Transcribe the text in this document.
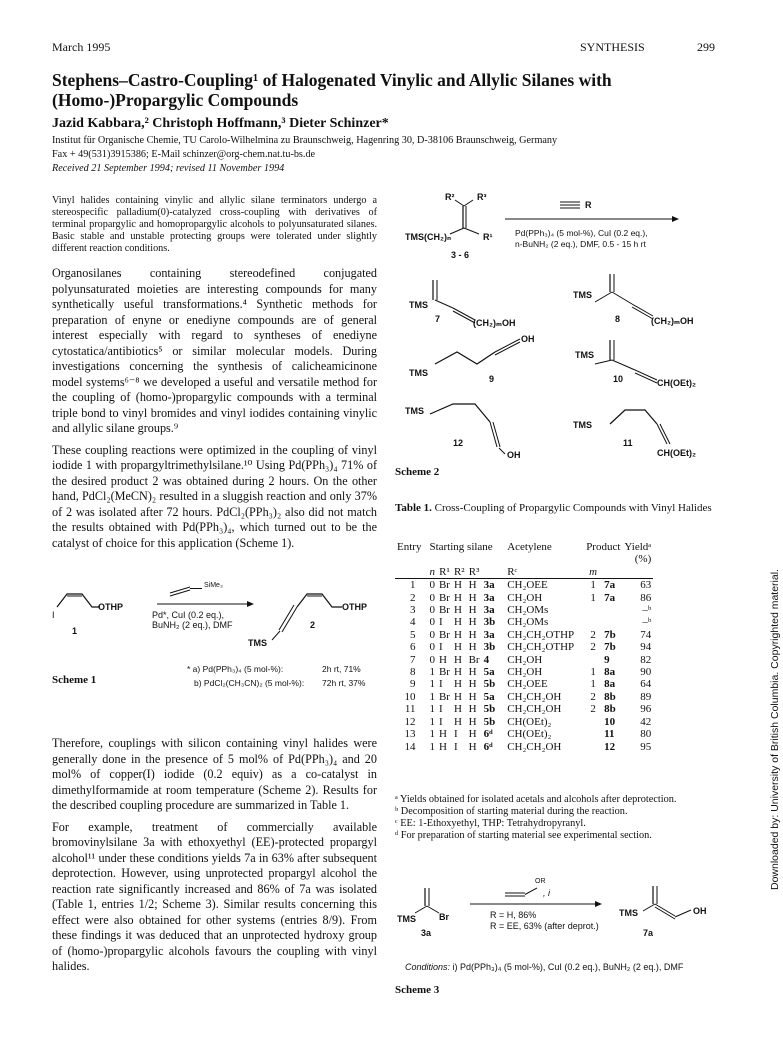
March 1995	SYNTHESIS	299
Stephens–Castro-Coupling¹ of Halogenated Vinylic and Allylic Silanes with (Homo-)Propargylic Compounds
Jazid Kabbara,² Christoph Hoffmann,³ Dieter Schinzer*
Institut für Organische Chemie, TU Carolo-Wilhelmina zu Braunschweig, Hagenring 30, D-38106 Braunschweig, Germany
Fax + 49(531)3915386; E-Mail schinzer@org-chem.nat.tu-bs.de
Received 21 September 1994; revised 11 November 1994
Vinyl halides containing vinylic and allylic silane terminators undergo a stereospecific palladium(0)-catalyzed cross-coupling with derivatives of terminal propargylic and homopropargylic alcohols to polyunsaturated silanes. Basic stable and unstable protecting groups were tolerated under slightly different reaction conditions.

Organosilanes containing stereodefined conjugated polyunsaturated moieties are interesting compounds for many synthetically useful transformations.⁴ Synthetic methods for preparation of enyne or enediyne compounds are of general interest especially with regard to syntheses of enediyne cytostatica/antibiotics⁵ or similar molecular models. During investigations concerning the synthesis of calicheamicinone model systems⁶⁻⁸ we developed a useful and versatile method for the coupling of (homo-)propargylic compounds with a terminal triple bond to vinyl bromides and vinyl iodides containing vinylic and allylic silane groups.⁹

These coupling reactions were optimized in the coupling of vinyl iodide 1 with propargyltrimethylsilane.¹⁰ Using Pd(PPh₃)₄ 71% of the desired product 2 was obtained during 2 hours. On the other hand, PdCl₂(MeCN)₂ resulted in a sluggish reaction and only 37% of 2 was isolated after 72 hours. PdCl₂(PPh₃)₂ also did not match the results obtained with Pd(PPh₃)₄, which turned out to be the catalyst of choice for this application (Scheme 1).

I
OTHP
1
SiMe₃
Pd*, CuI (0.2 eq.),
BuNH₂ (2 eq.), DMF
OTHP
2
TMS
* a) Pd(PPh₃)₄ (5 mol-%):	2h rt, 71%
b) PdCl₂(CH₃CN)₂ (5 mol-%): 72h rt, 37%
Scheme 1

Therefore, couplings with silicon containing vinyl halides were generally done in the presence of 5 mol% of Pd(PPh₃)₄ and 20 mol% of copper(I) iodide (0.2 equiv) as a co-catalyst in dimethylformamide at room temperature (Scheme 2). Results for the described coupling procedure are summarized in Table 1.

For example, treatment of commercially available bromovinylsilane 3a with ethoxyethyl (EE)-protected propargyl alcohol¹¹ under these conditions yields 7a in 63% after subsequent deprotection. However, using unprotected propargyl alcohol the reaction rate significantly increased and 86% of 7a was isolated (Table 1, entries 1/2; Scheme 3). Similar results concerning this effect were also obtained for other systems (entries 8/9). From these findings it was deduced that an unprotected hydroxy group of (homo-)propargylic alcohols favours the coupling with vinyl halides.

R²	R³
TMS(CH₂)ₙ	R¹
3 - 6
R
Pd(PPh₃)₄ (5 mol-%), CuI (0.2 eq.),
n-BuNH₂ (2 eq.), DMF, 0.5 - 15 h rt
TMS
7	(CH₂)ₘOH
TMS
8	(CH₂)ₘOH
OH
TMS
9
TMS
10	CH(OEt)₂
TMS
12
OH
TMS
11
CH(OEt)₂
Scheme 2
Table 1. Cross-Coupling of Propargylic Compounds with Vinyl Halides
Entry	Starting silane					Acetylene	Product		Yieldᵃ
									(%)
	n	R¹	R²	R³		Rᶜ	m		
1	0	Br	H	H	3a	CH₂OEE	1	7a	63
2	0	Br	H	H	3a	CH₂OH	1	7a	86
3	0	Br	H	H	3a	CH₂OMs			–ᵇ
4	0	I	H	H	3b	CH₂OMs			–ᵇ
5	0	Br	H	H	3a	CH₂CH₂OTHP	2	7b	74
6	0	I	H	H	3b	CH₂CH₂OTHP	2	7b	94
7	0	H	H	Br	4	CH₂OH		9	82
8	1	Br	H	H	5a	CH₂OH	1	8a	90
9	1	I	H	H	5b	CH₂OEE	1	8a	64
10	1	Br	H	H	5a	CH₂CH₂OH	2	8b	89
11	1	I	H	H	5b	CH₂CH₂OH	2	8b	96
12	1	I	H	H	5b	CH(OEt)₂		10	42
13	1	H	I	H	6ᵈ	CH(OEt)₂		11	80
14	1	H	I	H	6ᵈ	CH₂CH₂OH		12	95
ᵃ Yields obtained for isolated acetals and alcohols after deprotection.
ᵇ Decomposition of starting material during the reaction.
ᶜ EE: 1-Ethoxyethyl, THP: Tetrahydropyranyl.
ᵈ For preparation of starting material see experimental section.
TMS	Br
3a
OR
, i
R = H, 86%
R = EE, 63% (after deprot.)
TMS	OH
7a
Conditions: i) Pd(PPh₃)₄ (5 mol-%), CuI (0.2 eq.), BuNH₂ (2 eq.), DMF
Scheme 3
Downloaded by: University of British Columbia. Copyrighted material.
